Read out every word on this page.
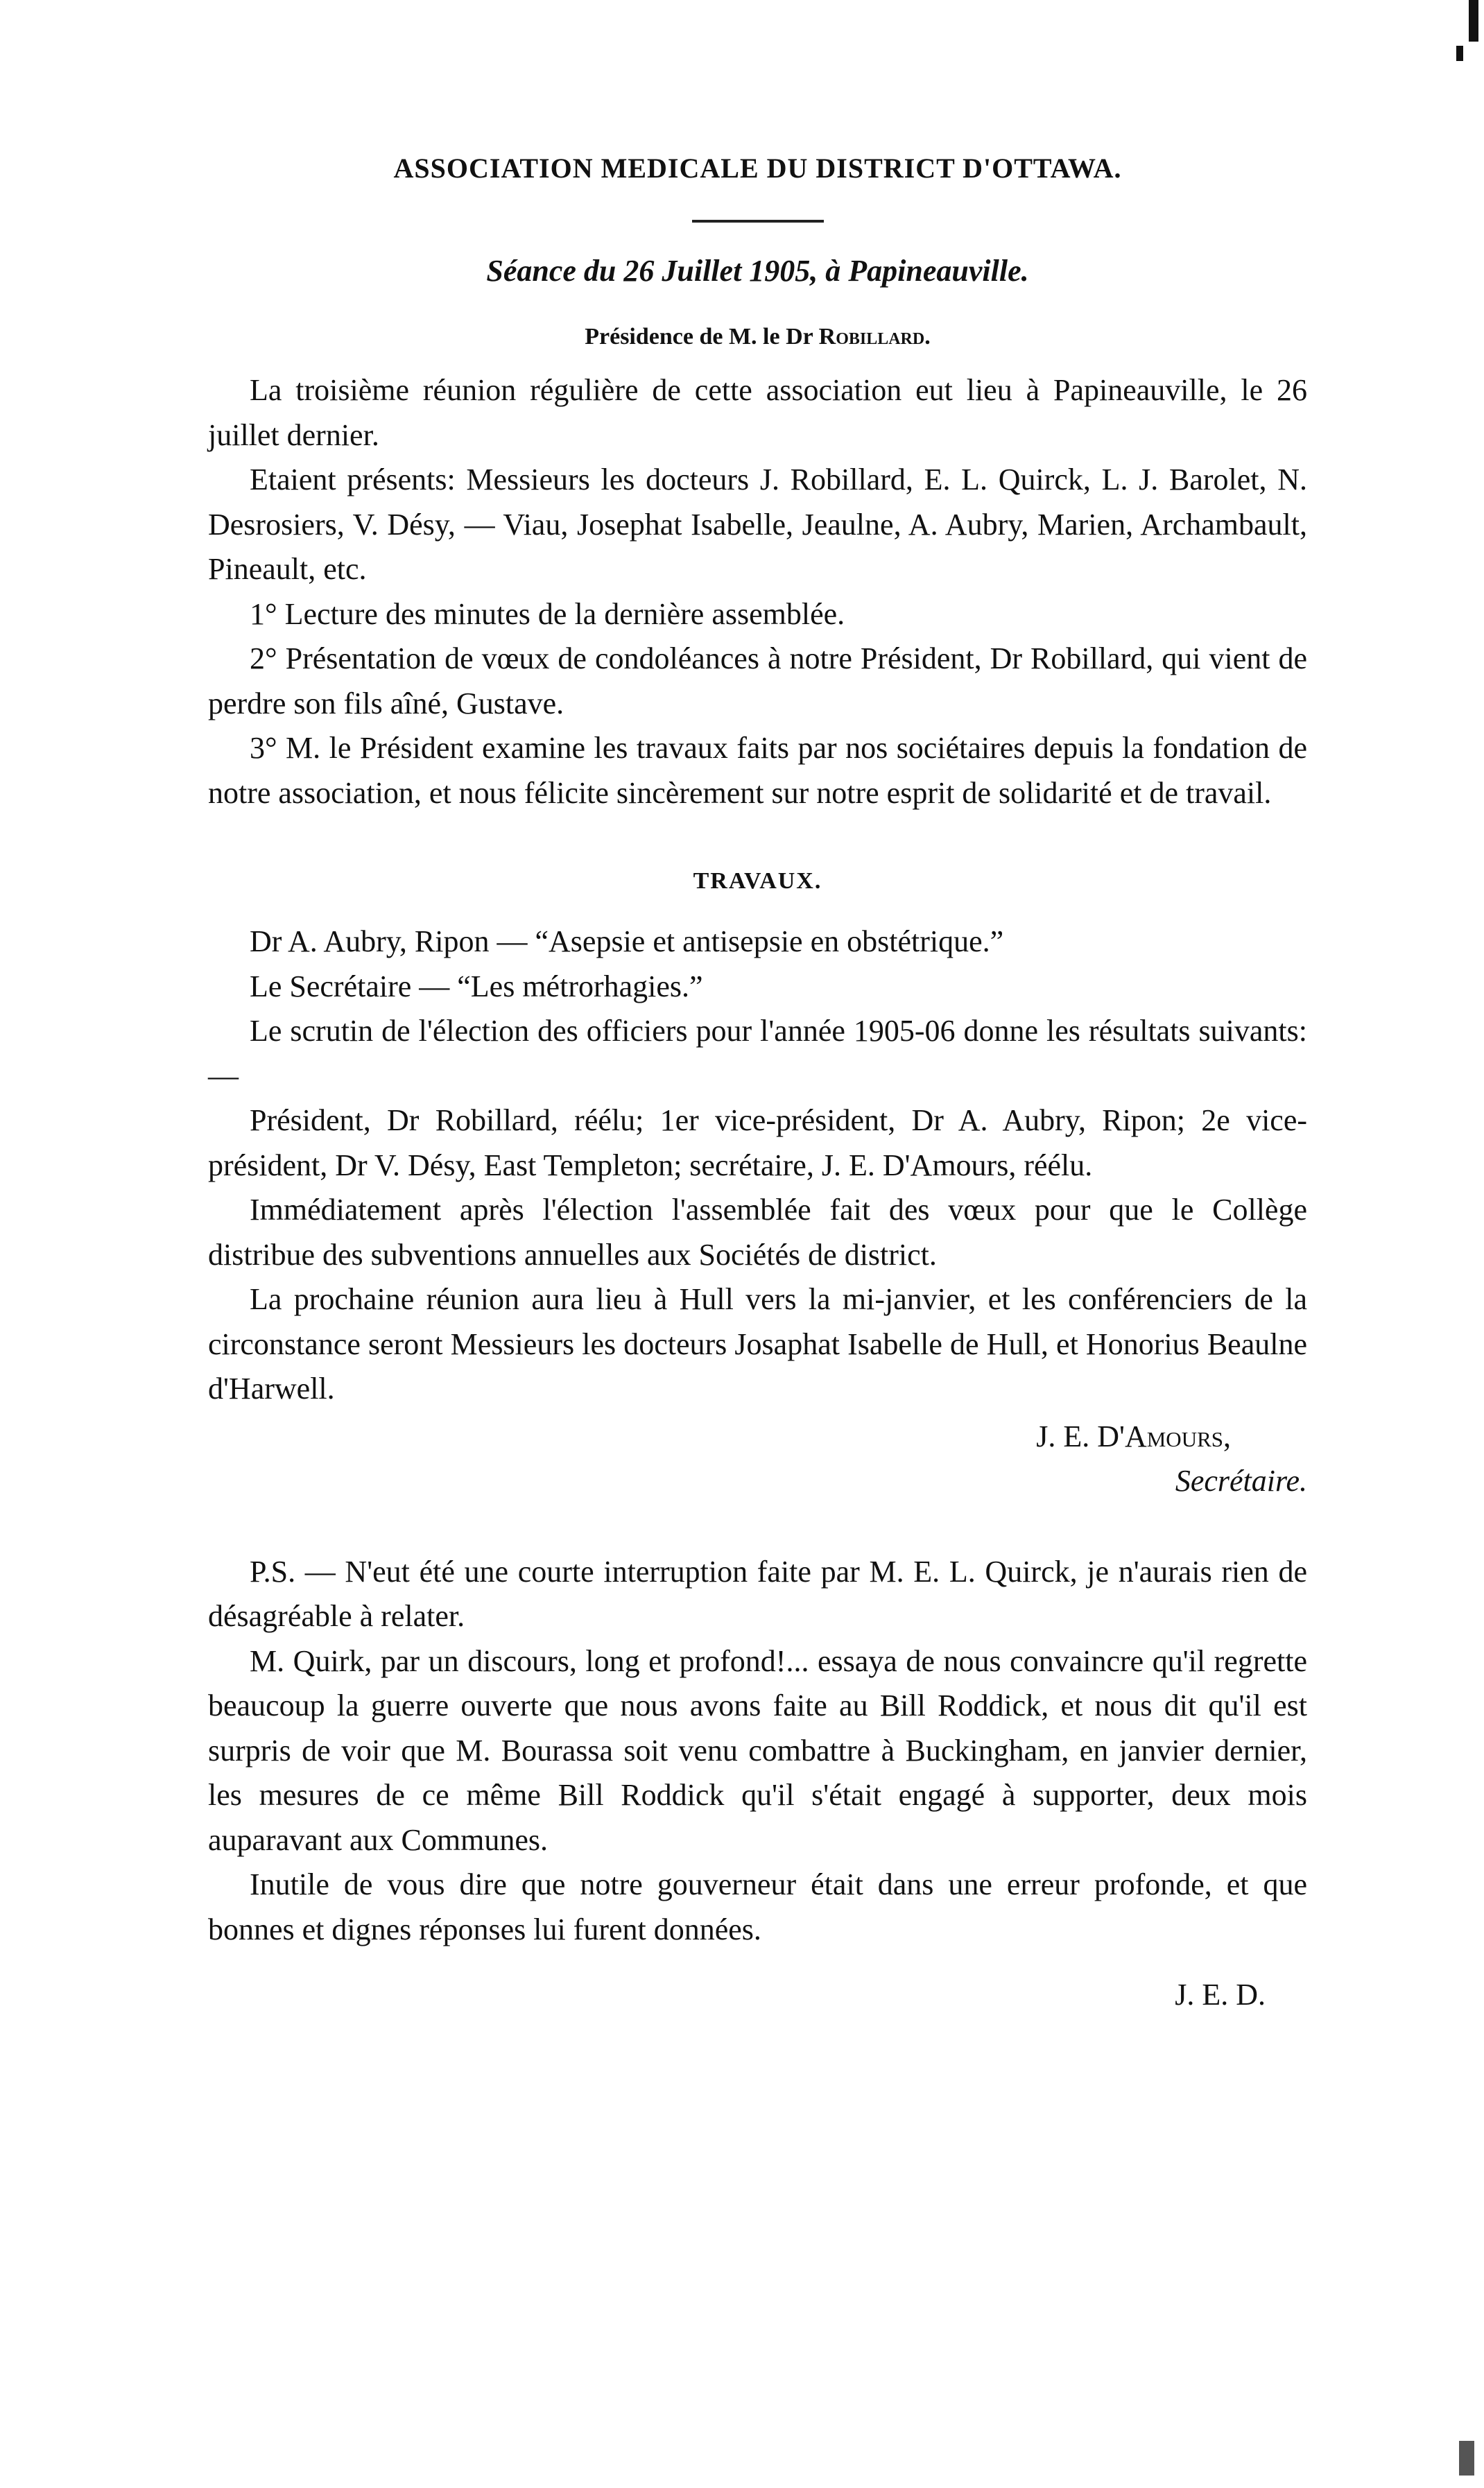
ASSOCIATION MEDICALE DU DISTRICT D'OTTAWA.
Séance du 26 Juillet 1905, à Papineauville.
Présidence de M. le Dr Robillard.

La troisième réunion régulière de cette association eut lieu à Papineauville, le 26 juillet dernier.

Etaient présents: Messieurs les docteurs J. Robillard, E. L. Quirck, L. J. Barolet, N. Desrosiers, V. Désy, — Viau, Josephat Isabelle, Jeaulne, A. Aubry, Marien, Archambault, Pineault, etc.

1° Lecture des minutes de la dernière assemblée.

2° Présentation de vœux de condoléances à notre Président, Dr Robillard, qui vient de perdre son fils aîné, Gustave.

3° M. le Président examine les travaux faits par nos sociétaires depuis la fondation de notre association, et nous félicite sincèrement sur notre esprit de solidarité et de travail.

TRAVAUX.

Dr A. Aubry, Ripon — “Asepsie et antisepsie en obstétrique.”

Le Secrétaire — “Les métrorhagies.”

Le scrutin de l'élection des officiers pour l'année 1905-06 donne les résultats suivants:—

Président, Dr Robillard, réélu; 1er vice-président, Dr A. Aubry, Ripon; 2e vice-président, Dr V. Désy, East Templeton; secrétaire, J. E. D'Amours, réélu.

Immédiatement après l'élection l'assemblée fait des vœux pour que le Collège distribue des subventions annuelles aux Sociétés de district.

La prochaine réunion aura lieu à Hull vers la mi-janvier, et les conférenciers de la circonstance seront Messieurs les docteurs Josaphat Isabelle de Hull, et Honorius Beaulne d'Harwell.

J. E. D'Amours,
Secrétaire.

P.S. — N'eut été une courte interruption faite par M. E. L. Quirck, je n'aurais rien de désagréable à relater.

M. Quirk, par un discours, long et profond!... essaya de nous convaincre qu'il regrette beaucoup la guerre ouverte que nous avons faite au Bill Roddick, et nous dit qu'il est surpris de voir que M. Bourassa soit venu combattre à Buckingham, en janvier dernier, les mesures de ce même Bill Roddick qu'il s'était engagé à supporter, deux mois auparavant aux Communes.

Inutile de vous dire que notre gouverneur était dans une erreur profonde, et que bonnes et dignes réponses lui furent données.

J. E. D.
